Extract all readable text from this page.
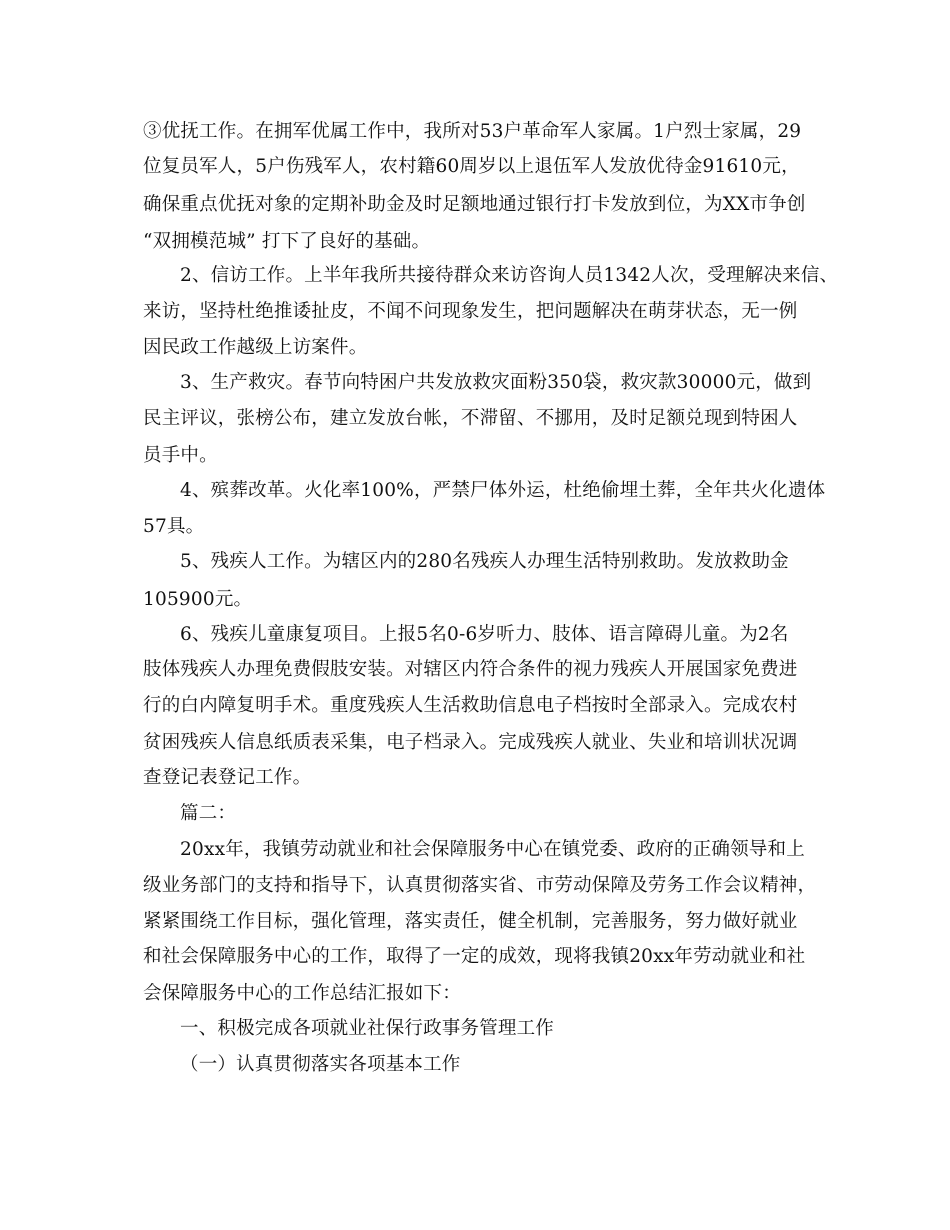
③优抚工作。在拥军优属工作中，我所对53户革命军人家属。1户烈士家属，29
位复员军人，5户伤残军人，农村籍60周岁以上退伍军人发放优待金91610元，
确保重点优抚对象的定期补助金及时足额地通过银行打卡发放到位，为XX市争创
“双拥模范城” 打下了良好的基础。
2、信访工作。上半年我所共接待群众来访咨询人员1342人次，受理解决来信、
来访，坚持杜绝推诿扯皮，不闻不问现象发生，把问题解决在萌芽状态，无一例
因民政工作越级上访案件。
3、生产救灾。春节向特困户共发放救灾面粉350袋，救灾款30000元，做到
民主评议，张榜公布，建立发放台帐，不滞留、不挪用，及时足额兑现到特困人
员手中。
4、殡葬改革。火化率100%，严禁尸体外运，杜绝偷埋土葬，全年共火化遗体
57具。
5、残疾人工作。为辖区内的280名残疾人办理生活特别救助。发放救助金
105900元。
6、残疾儿童康复项目。上报5名0-6岁听力、肢体、语言障碍儿童。为2名
肢体残疾人办理免费假肢安装。对辖区内符合条件的视力残疾人开展国家免费进
行的白内障复明手术。重度残疾人生活救助信息电子档按时全部录入。完成农村
贫困残疾人信息纸质表采集，电子档录入。完成残疾人就业、失业和培训状况调
查登记表登记工作。
篇二：
20xx年，我镇劳动就业和社会保障服务中心在镇党委、政府的正确领导和上
级业务部门的支持和指导下，认真贯彻落实省、市劳动保障及劳务工作会议精神，
紧紧围绕工作目标，强化管理，落实责任，健全机制，完善服务，努力做好就业
和社会保障服务中心的工作，取得了一定的成效，现将我镇20xx年劳动就业和社
会保障服务中心的工作总结汇报如下：
一、积极完成各项就业社保行政事务管理工作
（一）认真贯彻落实各项基本工作
